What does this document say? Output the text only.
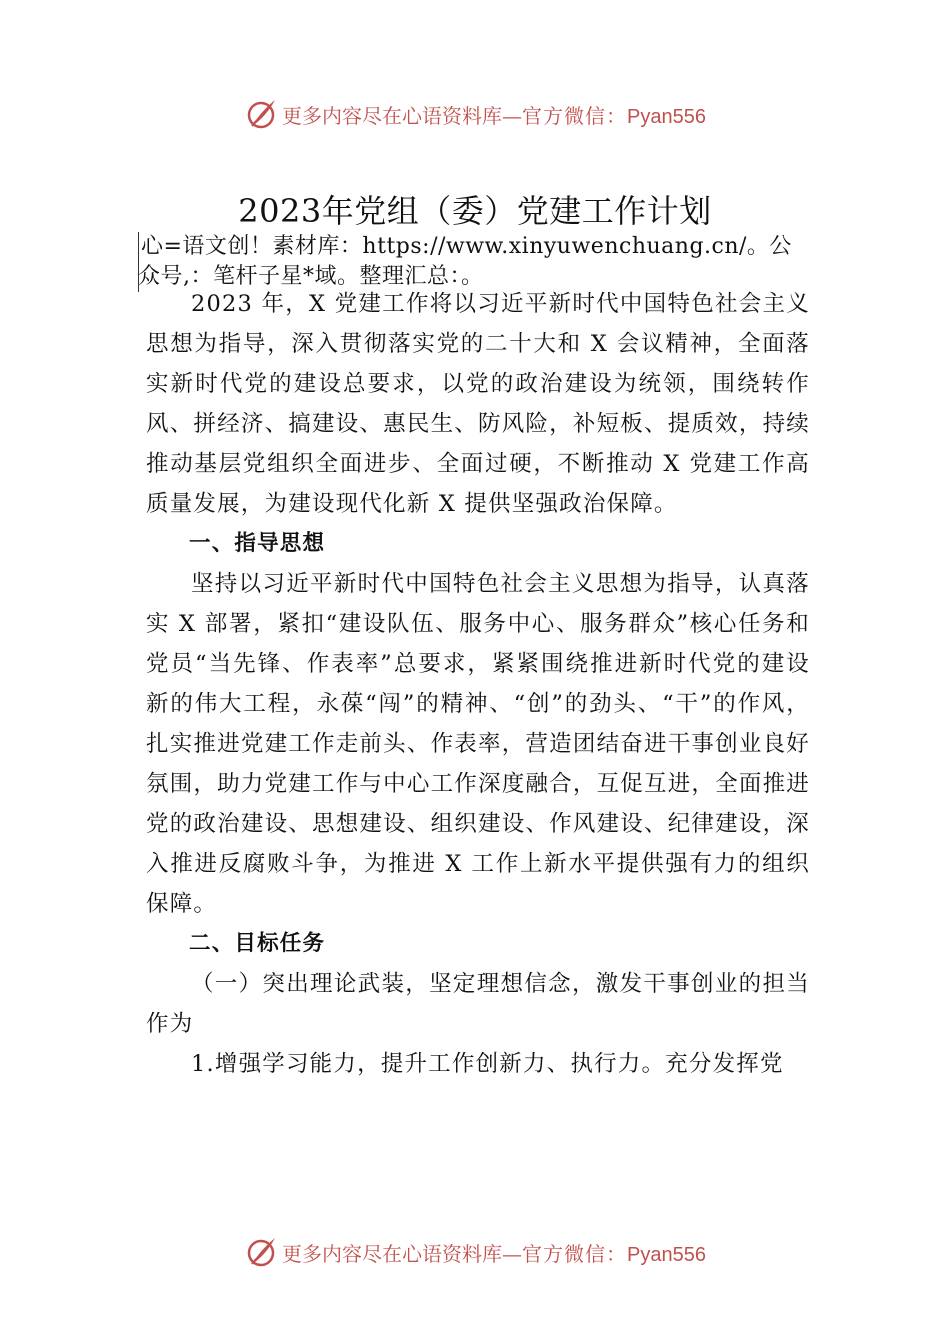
更多内容尽在心语资料库—官方微信：Pyan556
2023年党组（委）党建工作计划
心=语文创！素材库：https://www.xinyuwenchuang.cn/。公
众号,：笔杆子星*域。整理汇总：。

2023 年，X 党建工作将以习近平新时代中国特色社会主义思想为指导，深入贯彻落实党的二十大和 X 会议精神，全面落实新时代党的建设总要求，以党的政治建设为统领，围绕转作风、拼经济、搞建设、惠民生、防风险，补短板、提质效，持续推动基层党组织全面进步、全面过硬，不断推动 X 党建工作高质量发展，为建设现代化新 X 提供坚强政治保障。

一、指导思想

坚持以习近平新时代中国特色社会主义思想为指导，认真落实 X 部署，紧扣“建设队伍、服务中心、服务群众”核心任务和党员“当先锋、作表率”总要求，紧紧围绕推进新时代党的建设新的伟大工程，永葆“闯”的精神、“创”的劲头、“干”的作风，扎实推进党建工作走前头、作表率，营造团结奋进干事创业良好氛围，助力党建工作与中心工作深度融合，互促互进，全面推进党的政治建设、思想建设、组织建设、作风建设、纪律建设，深入推进反腐败斗争，为推进 X 工作上新水平提供强有力的组织保障。

二、目标任务

（一）突出理论武装，坚定理想信念，激发干事创业的担当作为

1.增强学习能力，提升工作创新力、执行力。充分发挥党

更多内容尽在心语资料库—官方微信：Pyan556
